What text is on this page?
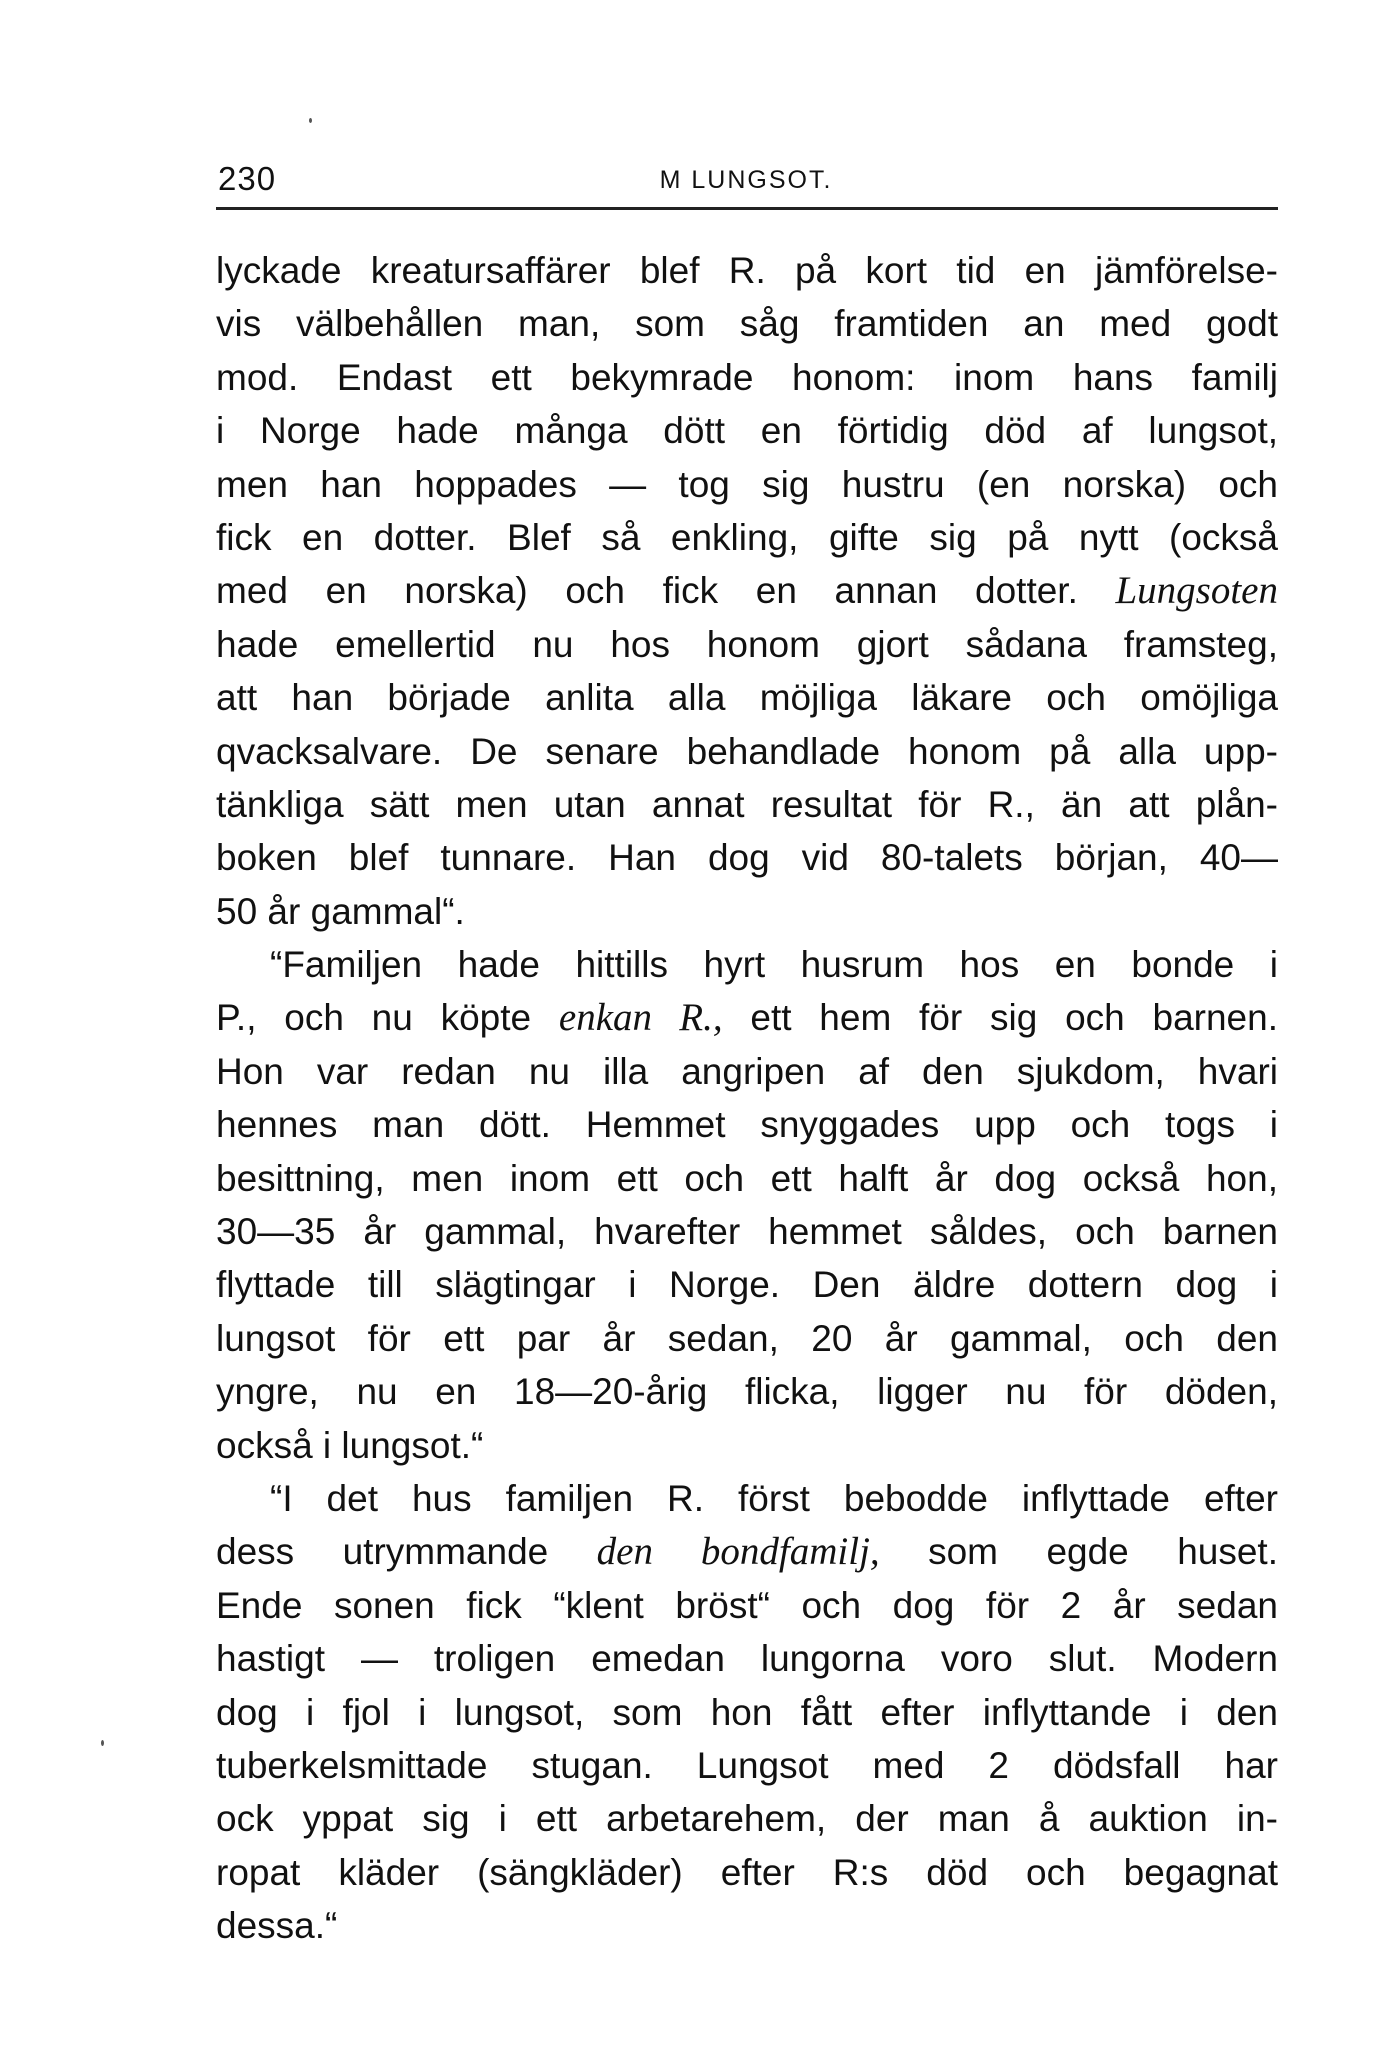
230	M LUNGSOT.
lyckade kreatursaffärer blef R. på kort tid en jämförelse-
vis välbehållen man, som såg framtiden an med godt
mod. Endast ett bekymrade honom: inom hans familj
i Norge hade många dött en förtidig död af lungsot,
men han hoppades — tog sig hustru (en norska) och
fick en dotter. Blef så enkling, gifte sig på nytt (också
med en norska) och fick en annan dotter. Lungsoten
hade emellertid nu hos honom gjort sådana framsteg,
att han började anlita alla möjliga läkare och omöjliga
qvacksalvare. De senare behandlade honom på alla upp-
tänkliga sätt men utan annat resultat för R., än att plån-
boken blef tunnare. Han dog vid 80-talets början, 40—
50 år gammal“.
“Familjen hade hittills hyrt husrum hos en bonde i
P., och nu köpte enkan R., ett hem för sig och barnen.
Hon var redan nu illa angripen af den sjukdom, hvari
hennes man dött. Hemmet snyggades upp och togs i
besittning, men inom ett och ett halft år dog också hon,
30—35 år gammal, hvarefter hemmet såldes, och barnen
flyttade till slägtingar i Norge. Den äldre dottern dog i
lungsot för ett par år sedan, 20 år gammal, och den
yngre, nu en 18—20-årig flicka, ligger nu för döden,
också i lungsot.“
“I det hus familjen R. först bebodde inflyttade efter
dess utrymmande den bondfamilj, som egde huset.
Ende sonen fick “klent bröst“ och dog för 2 år sedan
hastigt — troligen emedan lungorna voro slut. Modern
dog i fjol i lungsot, som hon fått efter inflyttande i den
tuberkelsmittade stugan. Lungsot med 2 dödsfall har
ock yppat sig i ett arbetarehem, der man å auktion in-
ropat kläder (sängkläder) efter R:s död och begagnat
dessa.“
